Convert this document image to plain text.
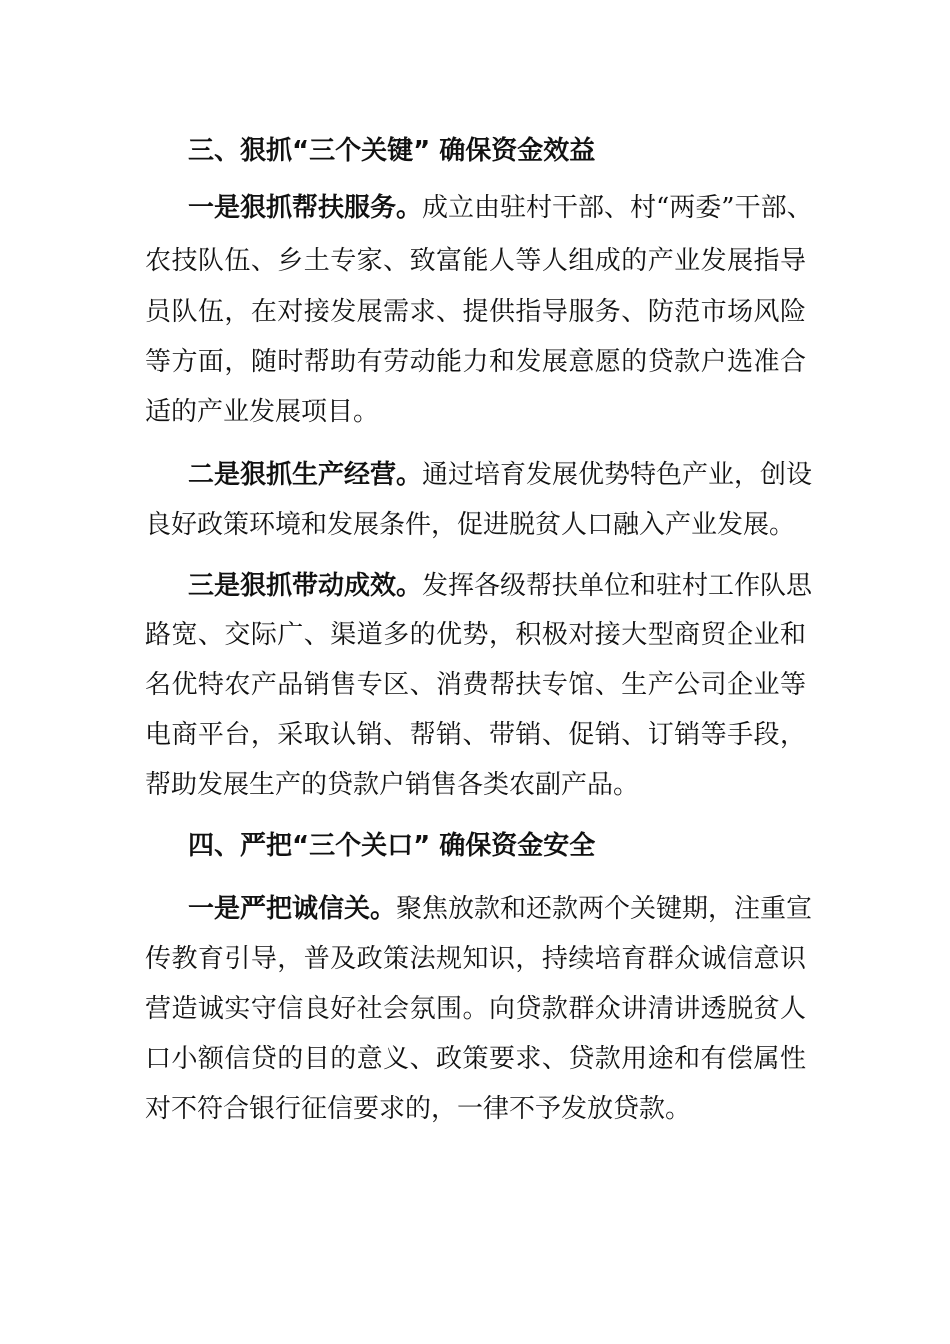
三、狠抓“三个关键” 确保资金效益
一是狠抓帮扶服务。成立由驻村干部、村“两委”干部、
农技队伍、乡土专家、致富能人等人组成的产业发展指导
员队伍，在对接发展需求、提供指导服务、防范市场风险
等方面，随时帮助有劳动能力和发展意愿的贷款户选准合
适的产业发展项目。
二是狠抓生产经营。通过培育发展优势特色产业，创设
良好政策环境和发展条件，促进脱贫人口融入产业发展。
三是狠抓带动成效。发挥各级帮扶单位和驻村工作队思
路宽、交际广、渠道多的优势，积极对接大型商贸企业和
名优特农产品销售专区、消费帮扶专馆、生产公司企业等
电商平台，采取认销、帮销、带销、促销、订销等手段，
帮助发展生产的贷款户销售各类农副产品。
四、严把“三个关口” 确保资金安全
一是严把诚信关。聚焦放款和还款两个关键期，注重宣
传教育引导，普及政策法规知识，持续培育群众诚信意识
营造诚实守信良好社会氛围。向贷款群众讲清讲透脱贫人
口小额信贷的目的意义、政策要求、贷款用途和有偿属性
对不符合银行征信要求的，一律不予发放贷款。
